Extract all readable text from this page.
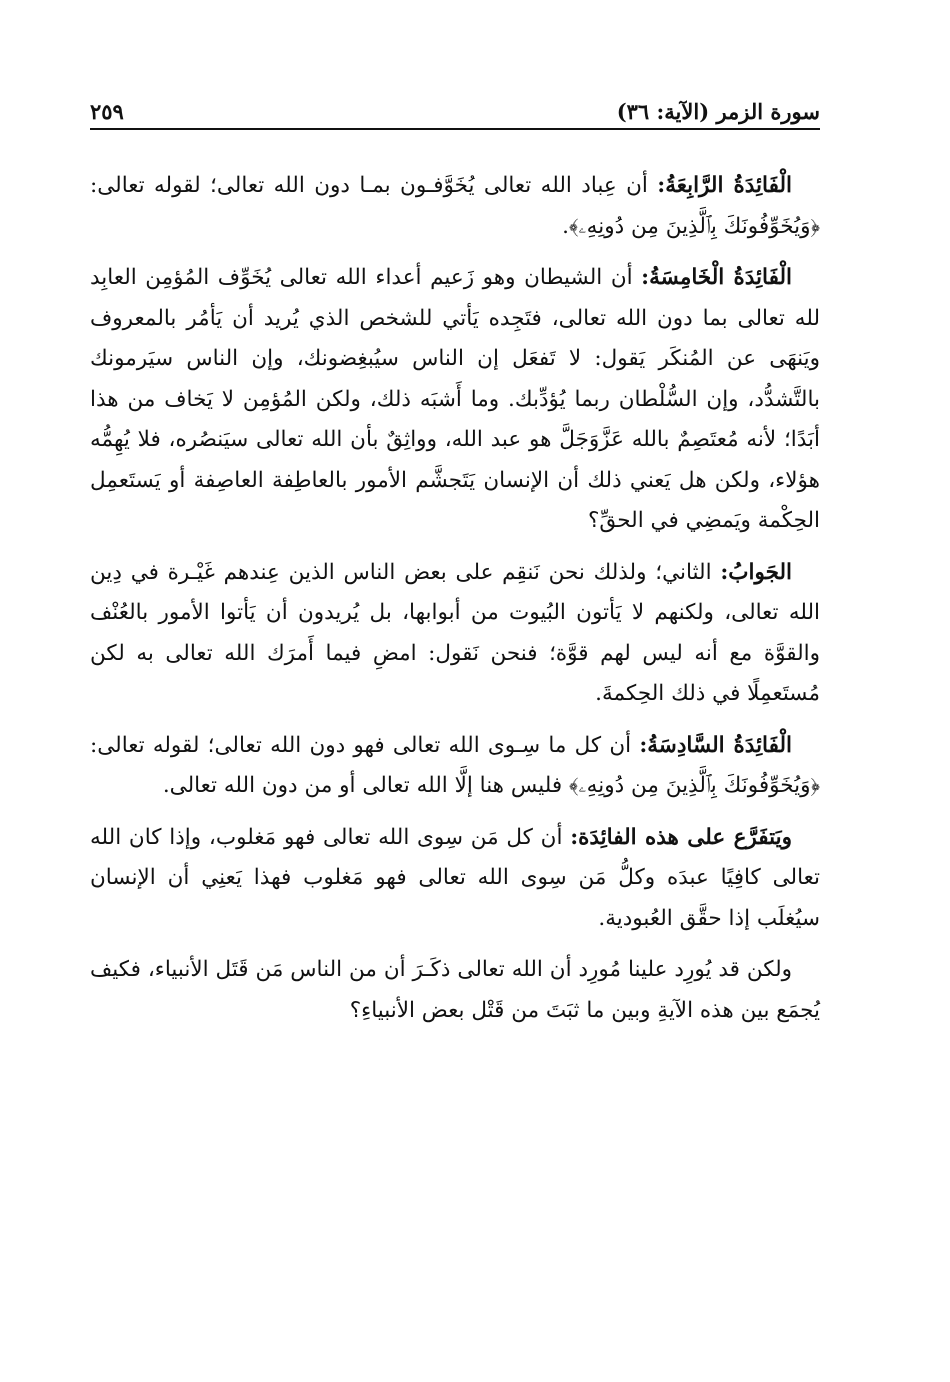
سورة الزمر (الآية: ٣٦)
٢٥٩

الْفَائِدَةُ الرَّابِعَةُ: أن عِباد الله تعالى يُخَوَّفـون بمـا دون الله تعالى؛ لقوله تعالى: ﴿وَيُخَوِّفُونَكَ بِٱلَّذِينَ مِن دُونِهِۦ﴾.

الْفَائِدَةُ الْخَامِسَةُ: أن الشيطان وهو زَعيم أعداء الله تعالى يُخَوِّف المُؤمِن العابِد لله تعالى بما دون الله تعالى، فتَجِده يَأتي للشخص الذي يُريد أن يَأمُر بالمعروف ويَنهَى عن المُنكَر يَقول: لا تَفعَل إن الناس سيُبغِضونك، وإن الناس سيَرمونك بالتَّشدُّد، وإن السُّلْطان ربما يُؤدِّبك. وما أَشبَه ذلك، ولكن المُؤمِن لا يَخاف من هذا أبَدًا؛ لأنه مُعتَصِمٌ بالله عَزَّوَجَلَّ هو عبد الله، وواثِقٌ بأن الله تعالى سيَنصُره، فلا يُهِمُّه هؤلاء، ولكن هل يَعني ذلك أن الإنسان يَتَجشَّم الأمور بالعاطِفة العاصِفة أو يَستَعمِل الحِكْمة ويَمضِي في الحقِّ؟

الجَوابُ: الثاني؛ ولذلك نحن نَنقِم على بعض الناس الذين عِندهم غَيْـرة في دِين الله تعالى، ولكنهم لا يَأتون البُيوت من أبوابها، بل يُريدون أن يَأتوا الأمور بالعُنْف والقوَّة مع أنه ليس لهم قوَّة؛ فنحن نَقول: امضِ فيما أَمرَك الله تعالى به لكن مُستَعمِلًا في ذلك الحِكمةَ.

الْفَائِدَةُ السَّادِسَةُ: أن كل ما سِـوى الله تعالى فهو دون الله تعالى؛ لقوله تعالى: ﴿وَيُخَوِّفُونَكَ بِٱلَّذِينَ مِن دُونِهِۦ﴾ فليس هنا إلَّا الله تعالى أو من دون الله تعالى.

ويَتفَرَّع على هذه الفائِدَة: أن كل مَن سِوى الله تعالى فهو مَغلوب، وإذا كان الله تعالى كافِيًا عبدَه وكلُّ مَن سِوى الله تعالى فهو مَغلوب فهذا يَعنِي أن الإنسان سيُغلَب إذا حقَّق العُبودية.

ولكن قد يُورِد علينا مُورِد أن الله تعالى ذكَـرَ أن من الناس مَن قَتَل الأنبياء، فكيف يُجمَع بين هذه الآيةِ وبين ما ثبَتَ من قَتْل بعض الأنبياءِ؟
